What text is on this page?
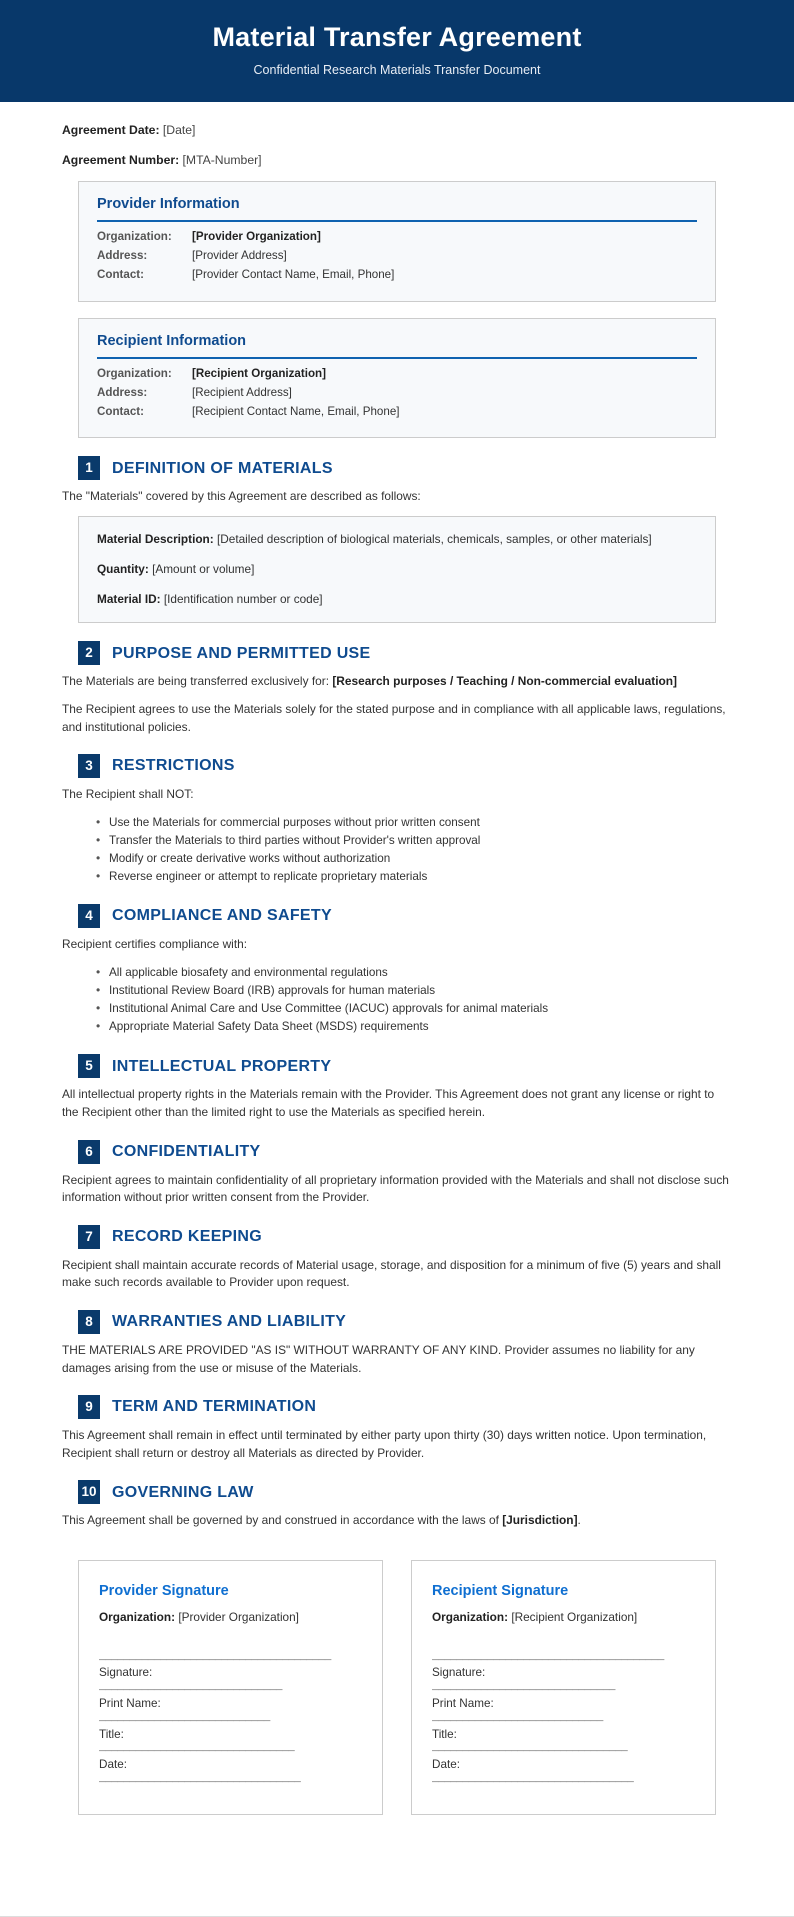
Material Transfer Agreement

Confidential Research Materials Transfer Document

Agreement Date: [Date]

Agreement Number: [MTA-Number]

Provider Information
Organization:	[Provider Organization]
Address:	[Provider Address]
Contact:	[Provider Contact Name, Email, Phone]
Recipient Information
Organization:	[Recipient Organization]
Address:	[Recipient Address]
Contact:	[Recipient Contact Name, Email, Phone]
1	DEFINITION OF MATERIALS

The "Materials" covered by this Agreement are described as follows:

Material Description: [Detailed description of biological materials, chemicals, samples, or other materials]

Quantity: [Amount or volume]

Material ID: [Identification number or code]

2	PURPOSE AND PERMITTED USE

The Materials are being transferred exclusively for: [Research purposes / Teaching / Non-commercial evaluation]

The Recipient agrees to use the Materials solely for the stated purpose and in compliance with all applicable laws, regulations, and institutional policies.

3	RESTRICTIONS

The Recipient shall NOT:

• Use the Materials for commercial purposes without prior written consent
• Transfer the Materials to third parties without Provider's written approval
• Modify or create derivative works without authorization
• Reverse engineer or attempt to replicate proprietary materials
4	COMPLIANCE AND SAFETY

Recipient certifies compliance with:

• All applicable biosafety and environmental regulations
• Institutional Review Board (IRB) approvals for human materials
• Institutional Animal Care and Use Committee (IACUC) approvals for animal materials
• Appropriate Material Safety Data Sheet (MSDS) requirements
5	INTELLECTUAL PROPERTY

All intellectual property rights in the Materials remain with the Provider. This Agreement does not grant any license or right to the Recipient other than the limited right to use the Materials as specified herein.

6	CONFIDENTIALITY

Recipient agrees to maintain confidentiality of all proprietary information provided with the Materials and shall not disclose such information without prior written consent from the Provider.

7	RECORD KEEPING

Recipient shall maintain accurate records of Material usage, storage, and disposition for a minimum of five (5) years and shall make such records available to Provider upon request.

8	WARRANTIES AND LIABILITY

THE MATERIALS ARE PROVIDED "AS IS" WITHOUT WARRANTY OF ANY KIND. Provider assumes no liability for any damages arising from the use or misuse of the Materials.

9	TERM AND TERMINATION

This Agreement shall remain in effect until terminated by either party upon thirty (30) days written notice. Upon termination, Recipient shall return or destroy all Materials as directed by Provider.

10 GOVERNING LAW

This Agreement shall be governed by and construed in accordance with the laws of [Jurisdiction].

Provider Signature
Organization: [Provider Organization]
______________________________________
Signature:
______________________________
Print Name:
____________________________
Title:
________________________________
Date:
_________________________________
Recipient Signature
Organization: [Recipient Organization]
______________________________________
Signature:
______________________________
Print Name:
____________________________
Title:
________________________________
Date:
_________________________________
